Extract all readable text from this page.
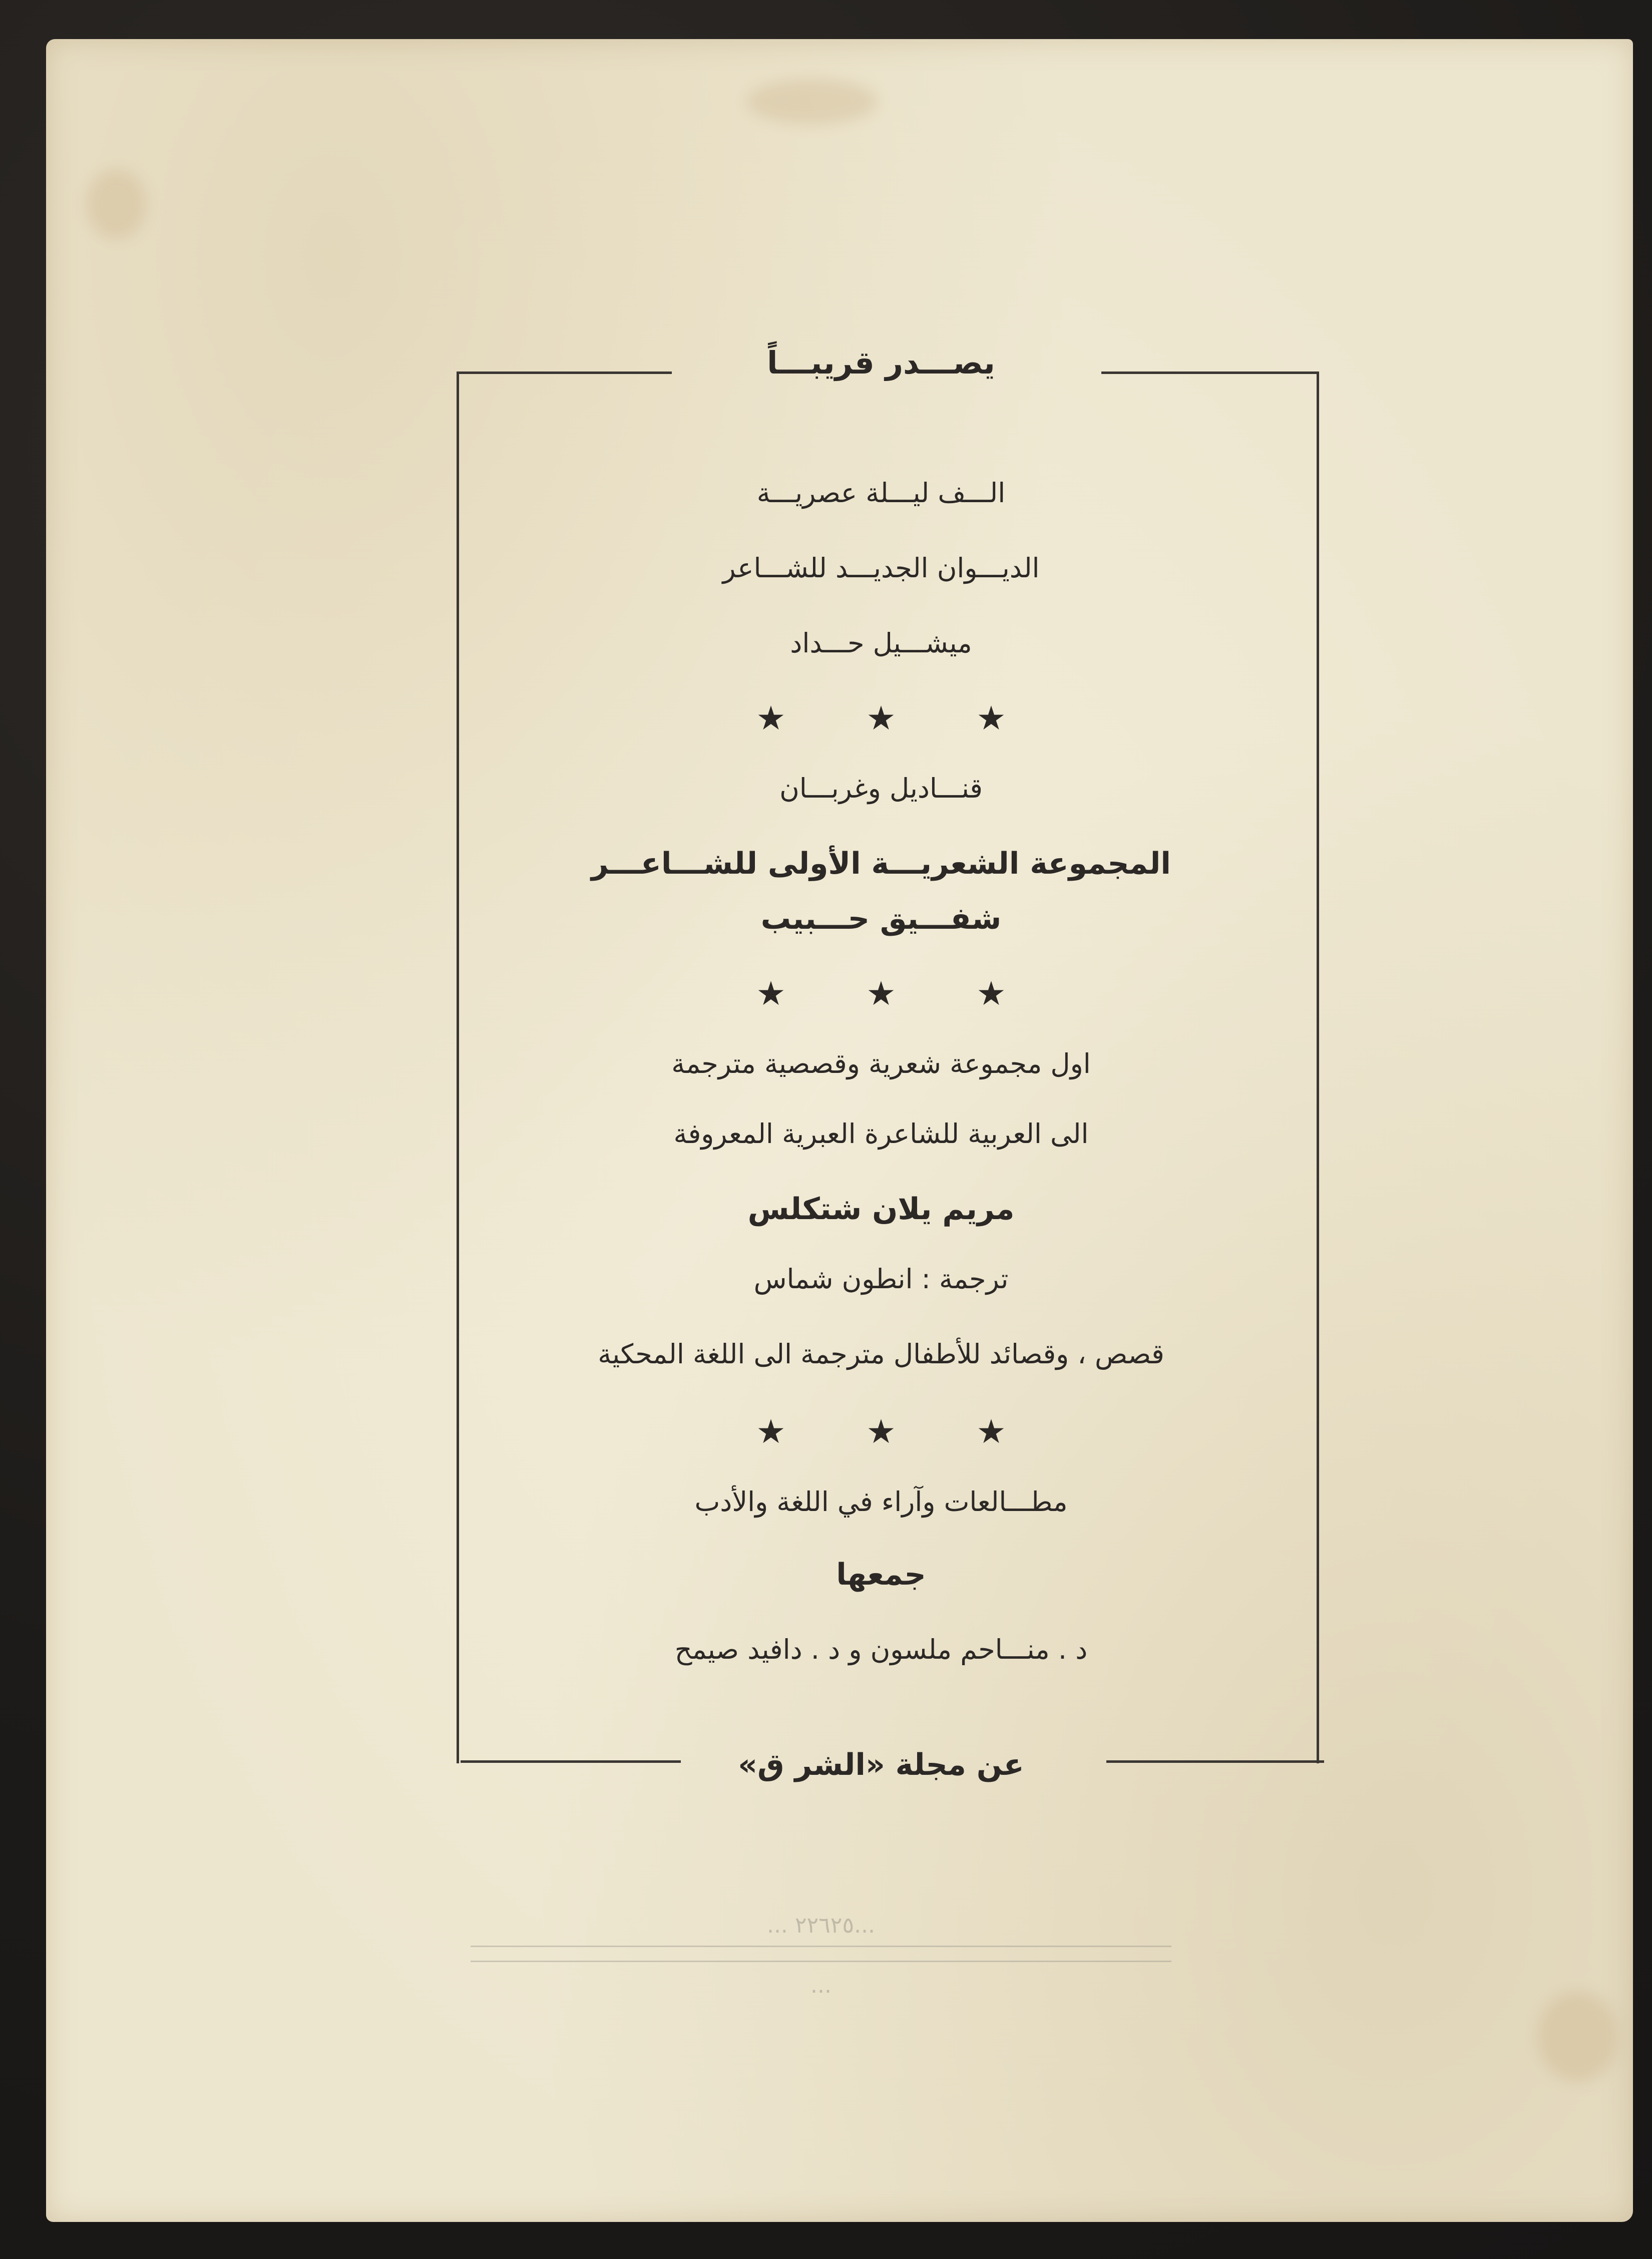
يصـــدر قريبـــاً
عن مجلة «الشر ق»
الـــف ليـــلة عصريـــة
الديـــوان الجديـــد للشـــاعر
ميشـــيل حـــداد
★ ★ ★
قنـــاديل وغربـــان
المجموعة الشعريـــة الأولى للشـــاعـــر
شفـــيق حـــبيب
★ ★ ★
اول مجموعة شعرية وقصصية مترجمة
الى العربية للشاعرة العبرية المعروفة
مريم يلان شتكلس
ترجمة : انطون شماس
قصص ، وقصائد للأطفال مترجمة الى اللغة المحكية
★ ★ ★
مطـــالعات وآراء في اللغة والأدب
جمعها
د . منـــاحم ملسون و د . دافيد صيمح
...٢٢٦٢٥ ...
...
